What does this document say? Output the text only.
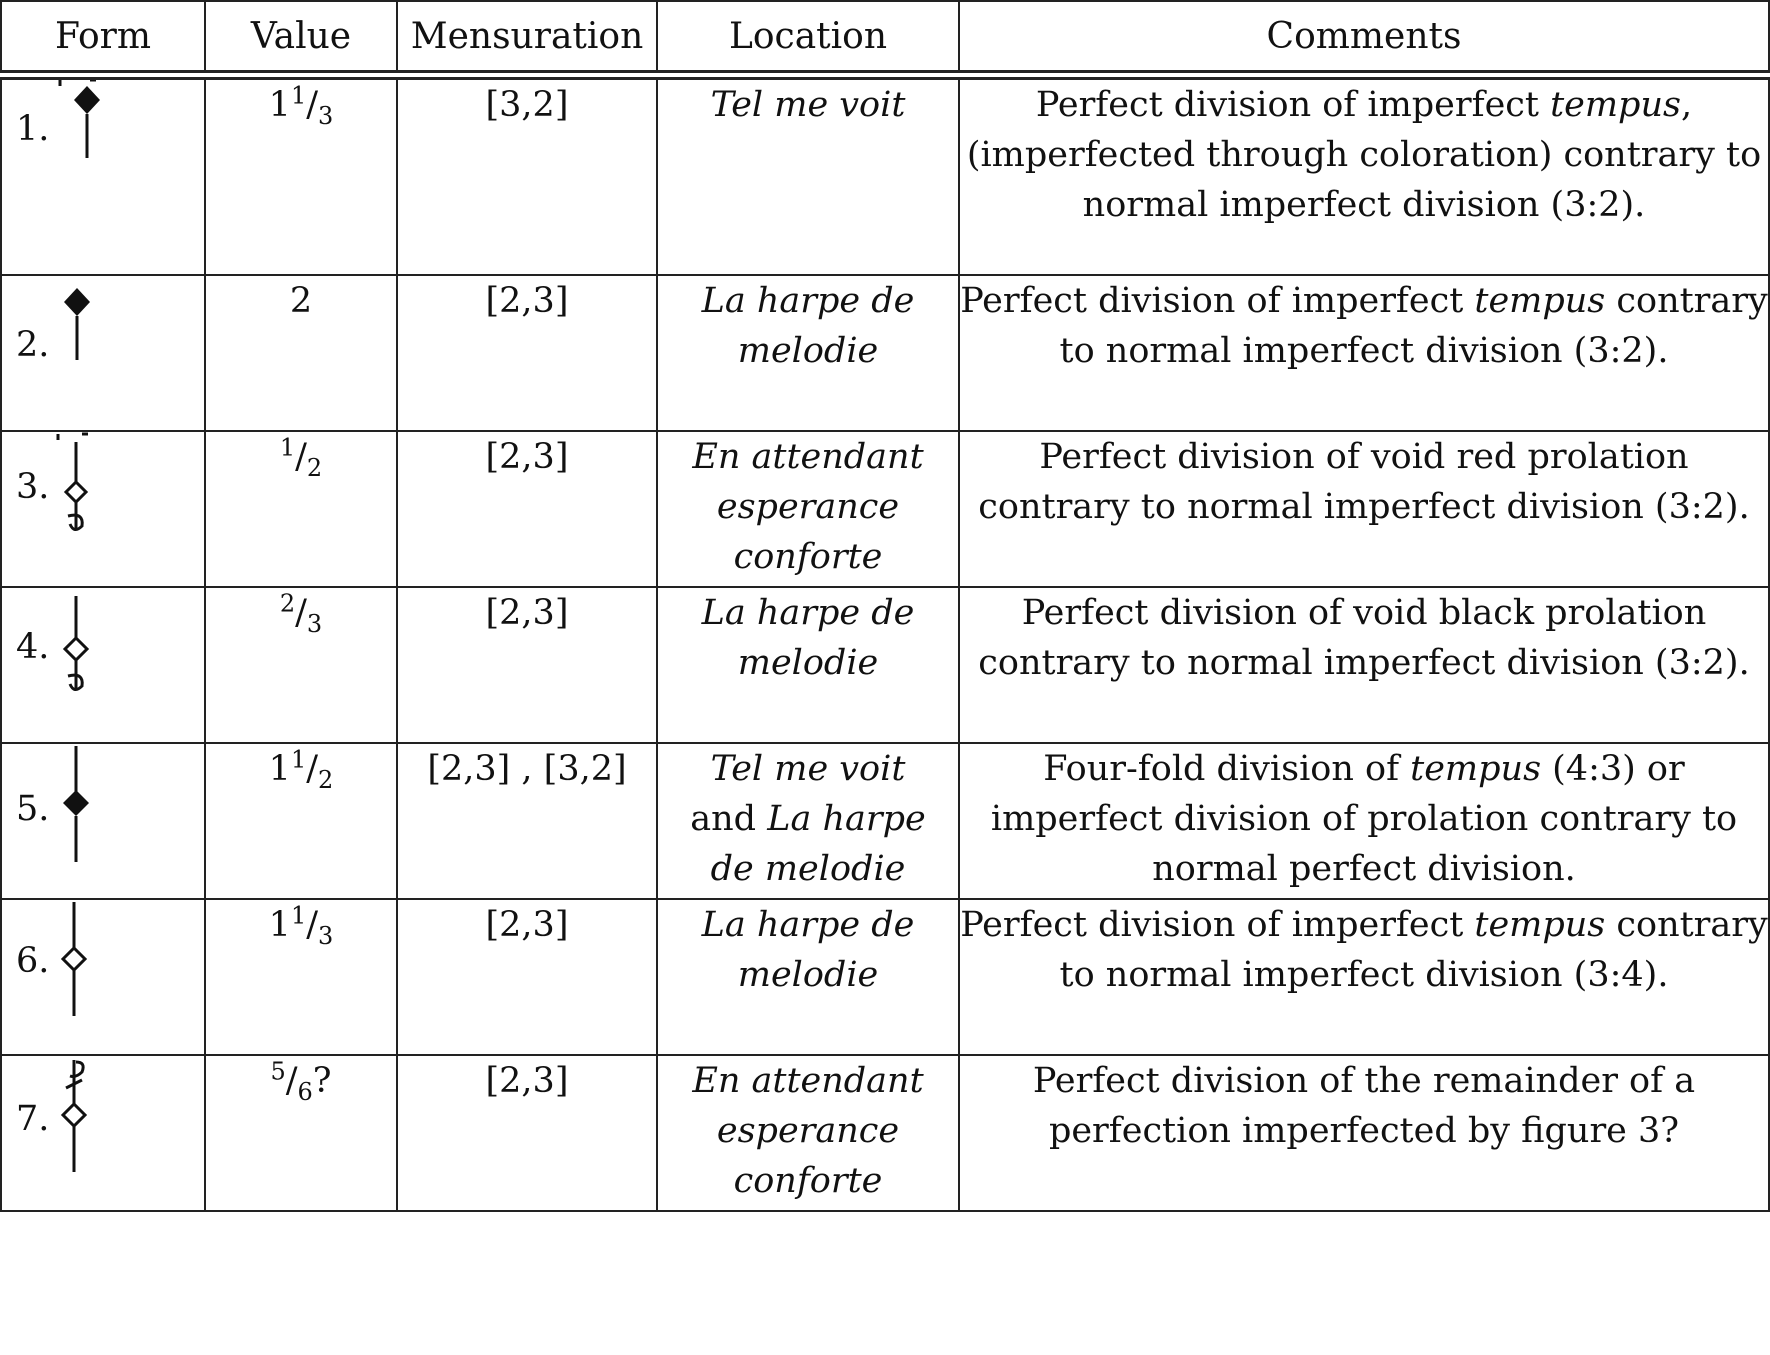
Form	Value	Mensuration	Location	Comments

1.	$1^1/_3$	[3,2]	Tel me voit	Perfect division of imperfect tempus, (imperfected through coloration) contrary to normal imperfect division (3:2).

2.	2	[2,3]	La harpe de melodie	Perfect division of imperfect tempus contrary to normal imperfect division (3:2).

3.	$^1/_2$	[2,3]	En attendant esperance conforte	Perfect division of void red prolation contrary to normal imperfect division (3:2).

4.	$^2/_3$	[2,3]	La harpe de melodie	Perfect division of void black prolation contrary to normal imperfect division (3:2).

5.	$1^1/_2$	[2,3] , [3,2]	Tel me voit and La harpe de melodie	Four-fold division of tempus (4:3) or imperfect division of prolation contrary to normal perfect division.

6.	$1^1/_3$	[2,3]	La harpe de melodie	Perfect division of imperfect tempus contrary to normal imperfect division (3:4).

7.	$^5/_6$?	[2,3]	En attendant esperance conforte	Perfect division of the remainder of a perfection imperfected by figure 3?
